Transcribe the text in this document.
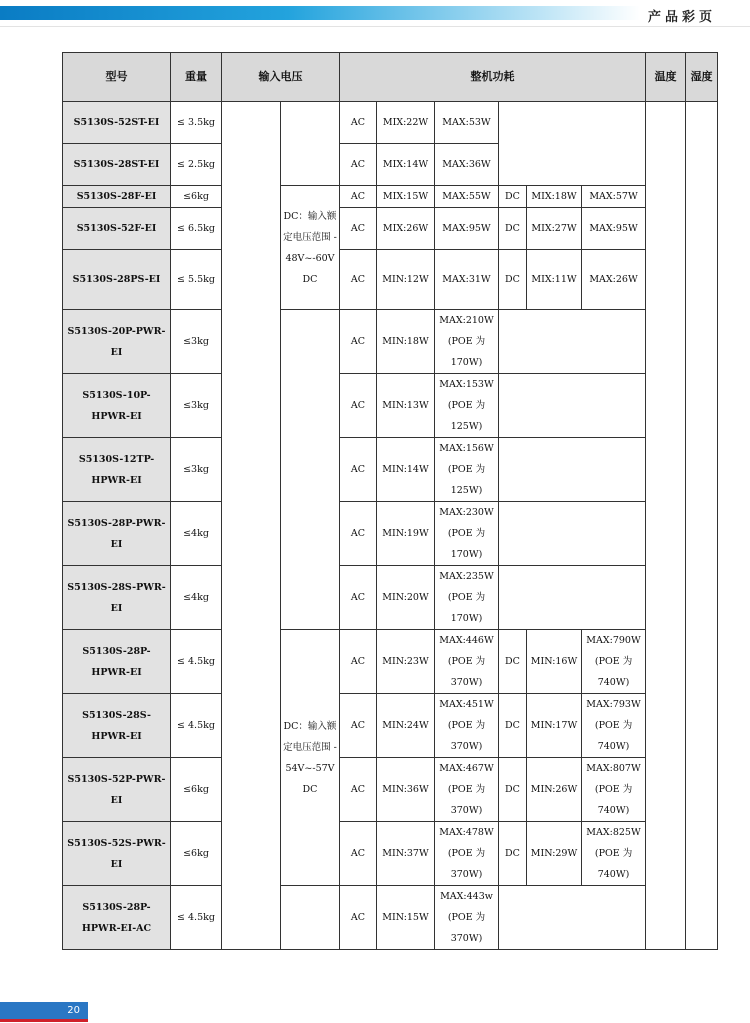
产品彩页
型号	重量	输入电压		整机功耗						温度	湿度
S5130S-52ST-EI	≤ 3.5kg			AC	MIX:22W	MAX:53W					
S5130S-28ST-EI	≤ 2.5kg			AC	MIX:14W	MAX:36W					
S5130S-28F-EI	≤6kg		DC：输入额定电压范围 - 48V~-60V DC	AC	MIX:15W	MAX:55W	DC	MIX:18W	MAX:57W		
S5130S-52F-EI	≤ 6.5kg			AC	MIX:26W	MAX:95W	DC	MIX:27W	MAX:95W		
S5130S-28PS-EI	≤ 5.5kg			AC	MIN:12W	MAX:31W	DC	MIX:11W	MAX:26W		
S5130S-20P-PWR-EI	≤3kg			AC	MIN:18W	MAX:210W (POE 为 170W)					
S5130S-10P-HPWR-EI	≤3kg			AC	MIN:13W	MAX:153W (POE 为 125W)					
S5130S-12TP-HPWR-EI	≤3kg			AC	MIN:14W	MAX:156W (POE 为 125W)					
S5130S-28P-PWR-EI	≤4kg			AC	MIN:19W	MAX:230W (POE 为 170W)					
S5130S-28S-PWR-EI	≤4kg			AC	MIN:20W	MAX:235W (POE 为 170W)					
S5130S-28P-HPWR-EI	≤ 4.5kg		DC：输入额定电压范围 - 54V~-57V DC	AC	MIN:23W	MAX:446W (POE 为 370W)	DC	MIN:16W	MAX:790W (POE 为 740W)		
S5130S-28S-HPWR-EI	≤ 4.5kg			AC	MIN:24W	MAX:451W (POE 为 370W)	DC	MIN:17W	MAX:793W (POE 为 740W)		
S5130S-52P-PWR-EI	≤6kg			AC	MIN:36W	MAX:467W (POE 为 370W)	DC	MIN:26W	MAX:807W (POE 为 740W)		
S5130S-52S-PWR-EI	≤6kg			AC	MIN:37W	MAX:478W (POE 为 370W)	DC	MIN:29W	MAX:825W (POE 为 740W)		
S5130S-28P-HPWR-EI-AC	≤ 4.5kg			AC	MIN:15W	MAX:443w (POE 为 370W)					
20
